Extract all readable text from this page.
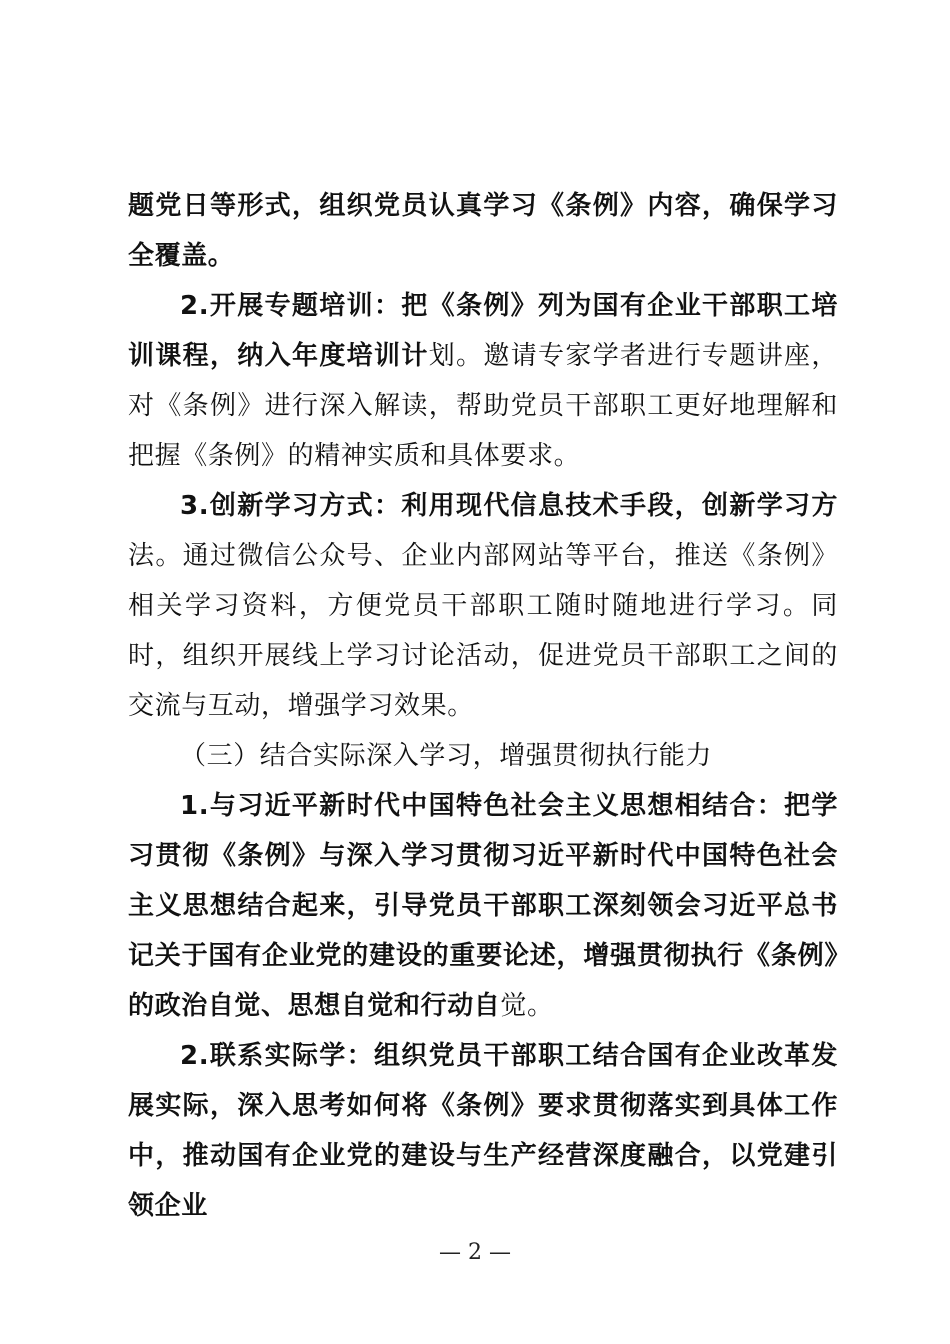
题党日等形式，组织党员认真学习《条例》内容，确保学习全覆盖。

2.开展专题培训：把《条例》列为国有企业干部职工培训课程，纳入年度培训计划。邀请专家学者进行专题讲座，对《条例》进行深入解读，帮助党员干部职工更好地理解和把握《条例》的精神实质和具体要求。

3.创新学习方式：利用现代信息技术手段，创新学习方法。通过微信公众号、企业内部网站等平台，推送《条例》相关学习资料，方便党员干部职工随时随地进行学习。同时，组织开展线上学习讨论活动，促进党员干部职工之间的交流与互动，增强学习效果。

（三）结合实际深入学习，增强贯彻执行能力

1.与习近平新时代中国特色社会主义思想相结合：把学习贯彻《条例》与深入学习贯彻习近平新时代中国特色社会主义思想结合起来，引导党员干部职工深刻领会习近平总书记关于国有企业党的建设的重要论述，增强贯彻执行《条例》的政治自觉、思想自觉和行动自觉。

2.联系实际学：组织党员干部职工结合国有企业改革发展实际，深入思考如何将《条例》要求贯彻落实到具体工作中，推动国有企业党的建设与生产经营深度融合，以党建引领企业

— 2 —
